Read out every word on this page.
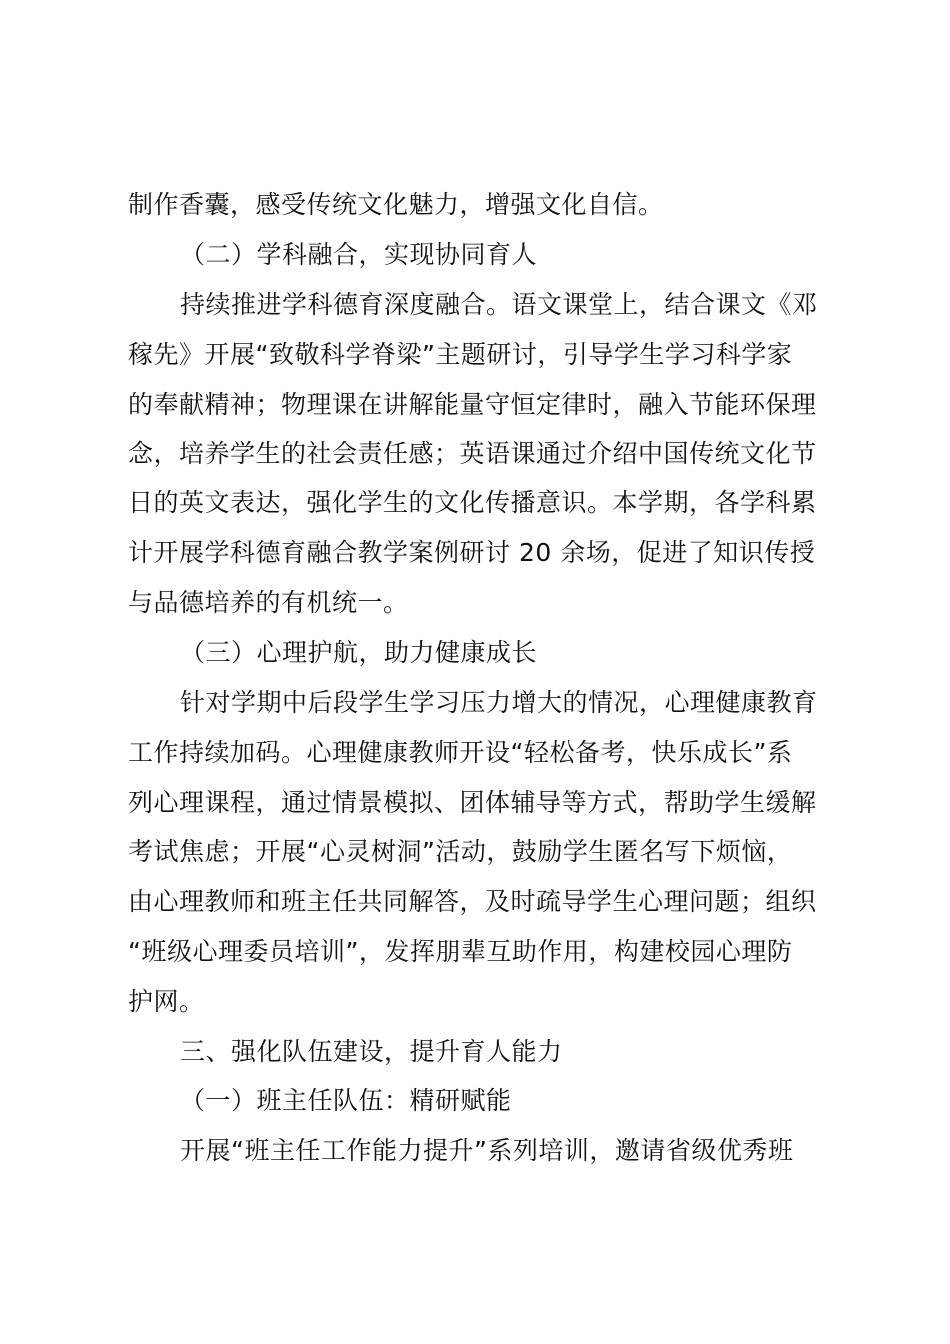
制作香囊，感受传统文化魅力，增强文化自信。
（二）学科融合，实现协同育人
持续推进学科德育深度融合。语文课堂上，结合课文《邓
稼先》开展“致敬科学脊梁”主题研讨，引导学生学习科学家
的奉献精神；物理课在讲解能量守恒定律时，融入节能环保理
念，培养学生的社会责任感；英语课通过介绍中国传统文化节
日的英文表达，强化学生的文化传播意识。本学期，各学科累
计开展学科德育融合教学案例研讨 20 余场，促进了知识传授
与品德培养的有机统一。
（三）心理护航，助力健康成长
针对学期中后段学生学习压力增大的情况，心理健康教育
工作持续加码。心理健康教师开设“轻松备考，快乐成长”系
列心理课程，通过情景模拟、团体辅导等方式，帮助学生缓解
考试焦虑；开展“心灵树洞”活动，鼓励学生匿名写下烦恼，
由心理教师和班主任共同解答，及时疏导学生心理问题；组织
“班级心理委员培训”，发挥朋辈互助作用，构建校园心理防
护网。
三、强化队伍建设，提升育人能力
（一）班主任队伍：精研赋能
开展“班主任工作能力提升”系列培训，邀请省级优秀班
